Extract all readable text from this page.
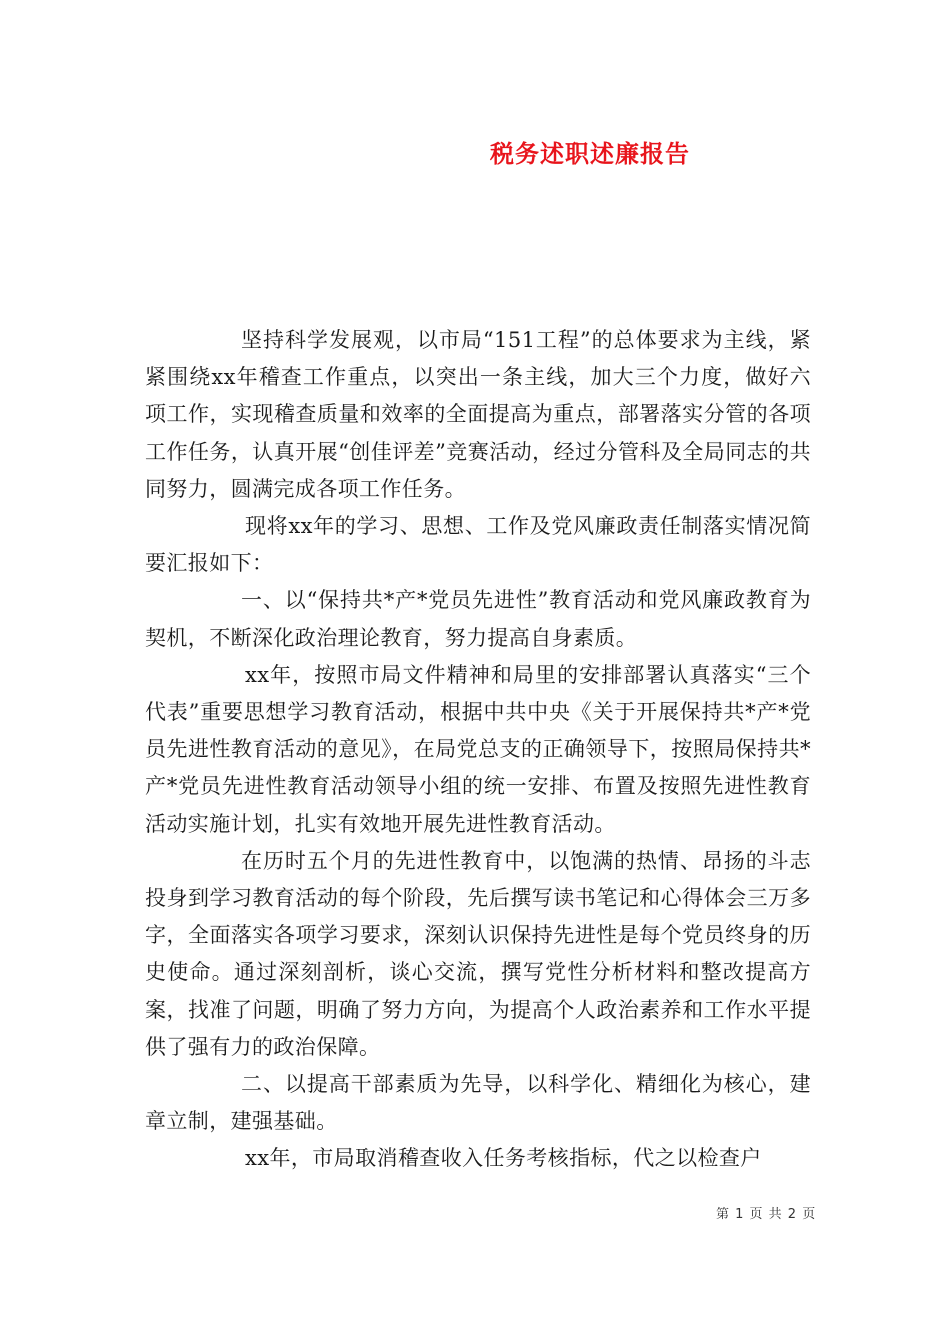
税务述职述廉报告

坚持科学发展观，以市局“151工程”的总体要求为主线，紧紧围绕xx年稽查工作重点，以突出一条主线，加大三个力度，做好六项工作，实现稽查质量和效率的全面提高为重点，部署落实分管的各项工作任务，认真开展“创佳评差”竞赛活动，经过分管科及全局同志的共同努力，圆满完成各项工作任务。

现将xx年的学习、思想、工作及党风廉政责任制落实情况简要汇报如下：

一、以“保持共*产*党员先进性”教育活动和党风廉政教育为契机，不断深化政治理论教育，努力提高自身素质。

xx年，按照市局文件精神和局里的安排部署认真落实“三个代表”重要思想学习教育活动，根据中共中央《关于开展保持共*产*党员先进性教育活动的意见》，在局党总支的正确领导下，按照局保持共*产*党员先进性教育活动领导小组的统一安排、布置及按照先进性教育活动实施计划，扎实有效地开展先进性教育活动。

在历时五个月的先进性教育中，以饱满的热情、昂扬的斗志投身到学习教育活动的每个阶段，先后撰写读书笔记和心得体会三万多字，全面落实各项学习要求，深刻认识保持先进性是每个党员终身的历史使命。通过深刻剖析，谈心交流，撰写党性分析材料和整改提高方案，找准了问题，明确了努力方向，为提高个人政治素养和工作水平提供了强有力的政治保障。

二、以提高干部素质为先导，以科学化、精细化为核心，建章立制，建强基础。

xx年，市局取消稽查收入任务考核指标，代之以检查户

第 1 页 共 2 页
